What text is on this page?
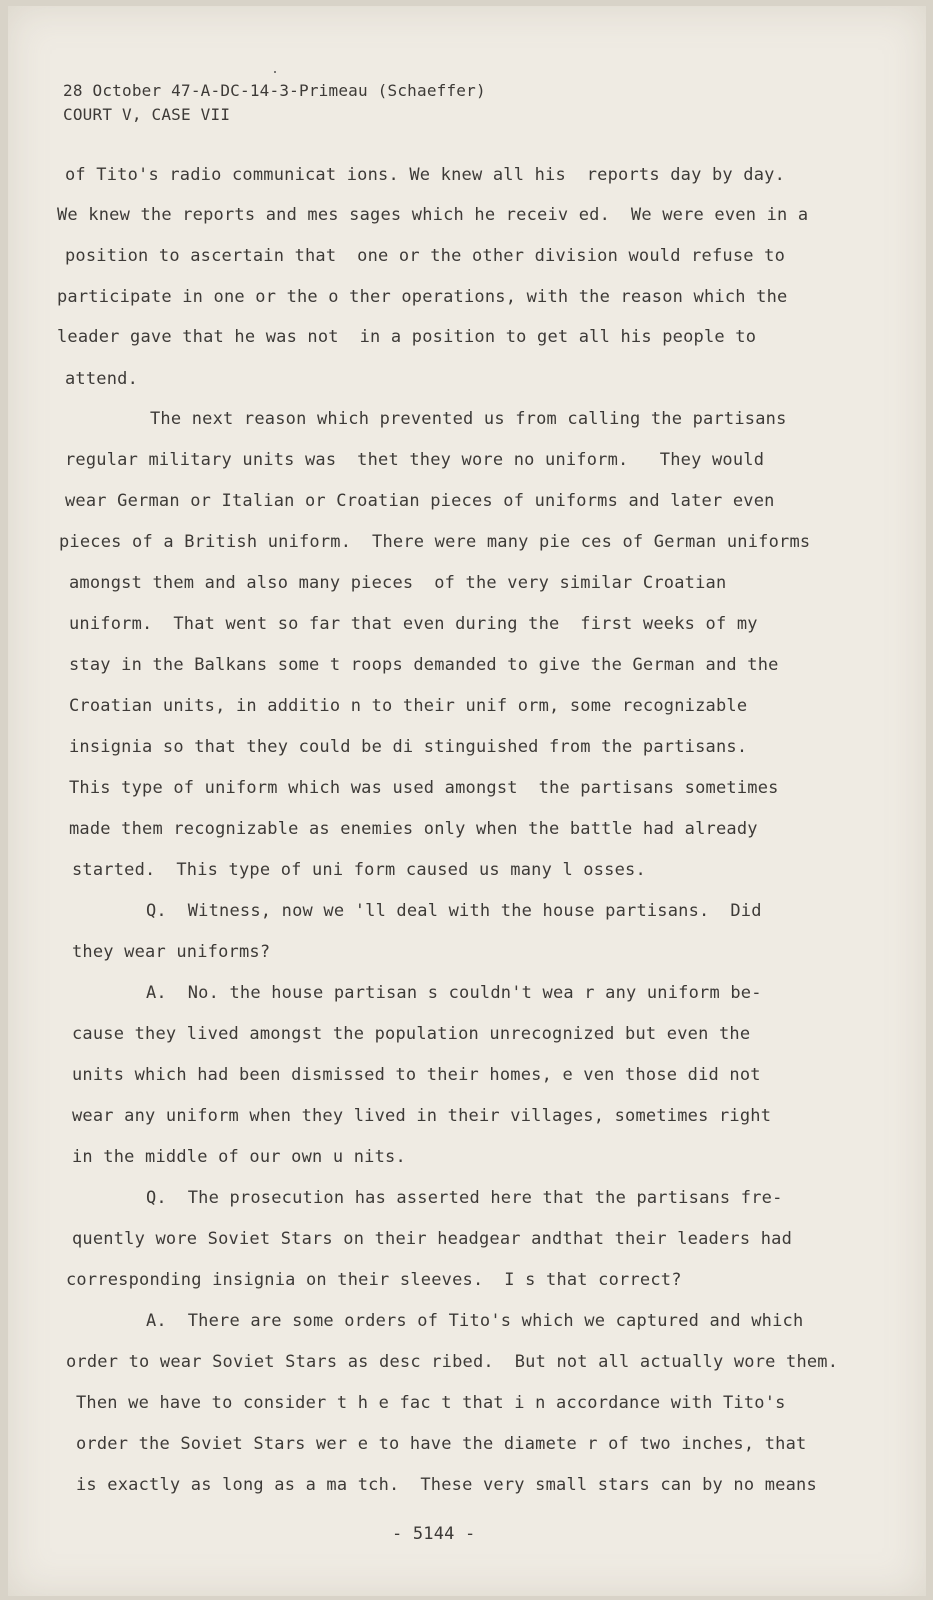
28 October 47-A-DC-14-3-Primeau (Schaeffer)
COURT V, CASE VII
of Tito's radio communicat ions. We knew all his  reports day by day.
We knew the reports and mes sages which he receiv ed.  We were even in a
position to ascertain that  one or the other division would refuse to
participate in one or the o ther operations, with the reason which the
leader gave that he was not  in a position to get all his people to
attend.
The next reason which prevented us from calling the partisans
regular military units was  thet they wore no uniform.   They would
wear German or Italian or Croatian pieces of uniforms and later even
pieces of a British uniform.  There were many pie ces of German uniforms
amongst them and also many pieces  of the very similar Croatian
uniform.  That went so far that even during the  first weeks of my
stay in the Balkans some t roops demanded to give the German and the
Croatian units, in additio n to their unif orm, some recognizable
insignia so that they could be di stinguished from the partisans.
This type of uniform which was used amongst  the partisans sometimes
made them recognizable as enemies only when the battle had already
started.  This type of uni form caused us many l osses.
Q.  Witness, now we 'll deal with the house partisans.  Did
they wear uniforms?
A.  No. the house partisan s couldn't wea r any uniform be-
cause they lived amongst the population unrecognized but even the
units which had been dismissed to their homes, e ven those did not
wear any uniform when they lived in their villages, sometimes right
in the middle of our own u nits.
Q.  The prosecution has asserted here that the partisans fre-
quently wore Soviet Stars on their headgear andthat their leaders had
corresponding insignia on their sleeves.  I s that correct?
A.  There are some orders of Tito's which we captured and which
order to wear Soviet Stars as desc ribed.  But not all actually wore them.
Then we have to consider t h e fac t that i n accordance with Tito's
order the Soviet Stars wer e to have the diamete r of two inches, that
is exactly as long as a ma tch.  These very small stars can by no means
- 5144 -
